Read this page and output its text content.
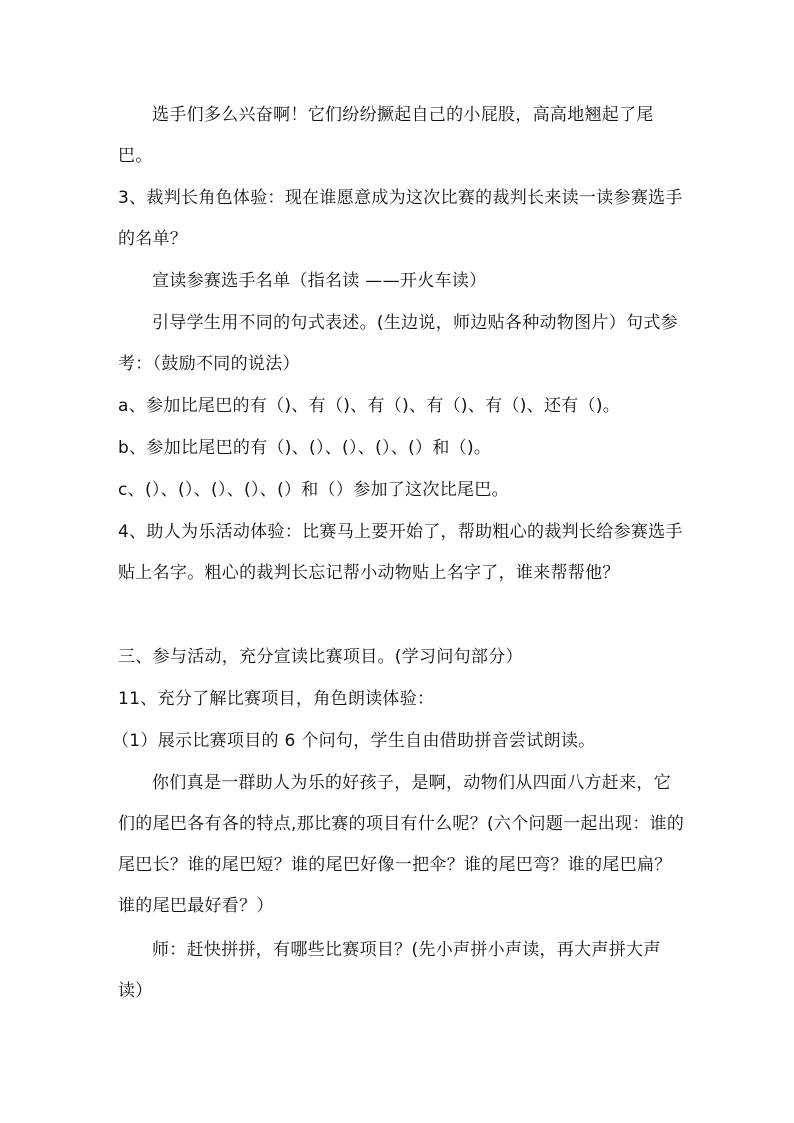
选手们多么兴奋啊！它们纷纷撅起自己的小屁股，高高地翘起了尾巴。

3、裁判长角色体验：现在谁愿意成为这次比赛的裁判长来读一读参赛选手的名单？

宣读参赛选手名单（指名读 ——开火车读）

引导学生用不同的句式表述。(生边说，师边贴各种动物图片）句式参考：（鼓励不同的说法）

a、参加比尾巴的有（)、有（)、有（)、有（)、有（)、还有（)。

b、参加比尾巴的有（)、(）、(）、(）、(）和（)。

c、(）、(）、(）、(）、(）和（）参加了这次比尾巴。

4、助人为乐活动体验：比赛马上要开始了，帮助粗心的裁判长给参赛选手贴上名字。粗心的裁判长忘记帮小动物贴上名字了，谁来帮帮他？

三、参与活动，充分宣读比赛项目。(学习问句部分）

11、充分了解比赛项目，角色朗读体验：

（1）展示比赛项目的 6 个问句，学生自由借助拼音尝试朗读。

你们真是一群助人为乐的好孩子，是啊，动物们从四面八方赶来，它们的尾巴各有各的特点,那比赛的项目有什么呢？(六个问题一起出现：谁的尾巴长？谁的尾巴短？谁的尾巴好像一把伞？谁的尾巴弯？谁的尾巴扁？谁的尾巴最好看？）

师：赶快拼拼，有哪些比赛项目？(先小声拼小声读，再大声拼大声读）
